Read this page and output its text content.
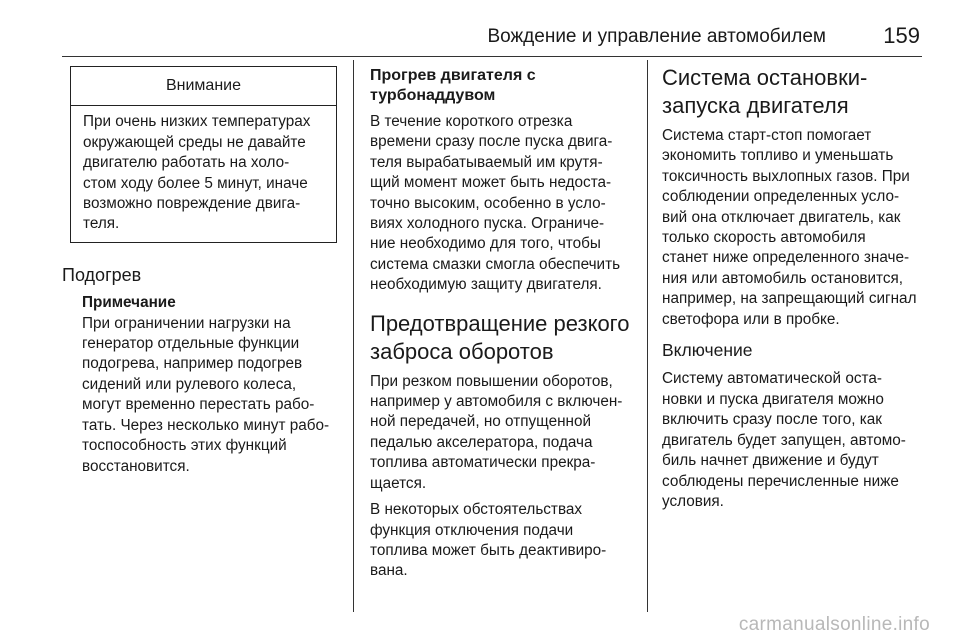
Вождение и управление автомобилем	159
Внимание
При очень низких температурах
окружающей среды не давайте
двигателю работать на холо-
стом ходу более 5 минут, иначе
возможно повреждение двига-
теля.
Подогрев
Примечание
При ограничении нагрузки на
генератор отдельные функции
подогрева, например подогрев
сидений или рулевого колеса,
могут временно перестать рабо-
тать. Через несколько минут рабо-
тоспособность этих функций
восстановится.
Прогрев двигателя с
турбонаддувом

В течение короткого отрезка
времени сразу после пуска двига-
теля вырабатываемый им крутя-
щий момент может быть недоста-
точно высоким, особенно в усло-
виях холодного пуска. Ограниче-
ние необходимо для того, чтобы
система смазки смогла обеспечить
необходимую защиту двигателя.

Предотвращение резкого
заброса оборотов

При резком повышении оборотов,
например у автомобиля с включен-
ной передачей, но отпущенной
педалью акселератора, подача
топлива автоматически прекра-
щается.

В некоторых обстоятельствах
функция отключения подачи
топлива может быть деактивиро-
вана.

Система остановки-
запуска двигателя

Система старт-стоп помогает
экономить топливо и уменьшать
токсичность выхлопных газов. При
соблюдении определенных усло-
вий она отключает двигатель, как
только скорость автомобиля
станет ниже определенного значе-
ния или автомобиль остановится,
например, на запрещающий сигнал
светофора или в пробке.

Включение

Систему автоматической оста-
новки и пуска двигателя можно
включить сразу после того, как
двигатель будет запущен, автомо-
биль начнет движение и будут
соблюдены перечисленные ниже
условия.

carmanualsonline.info
